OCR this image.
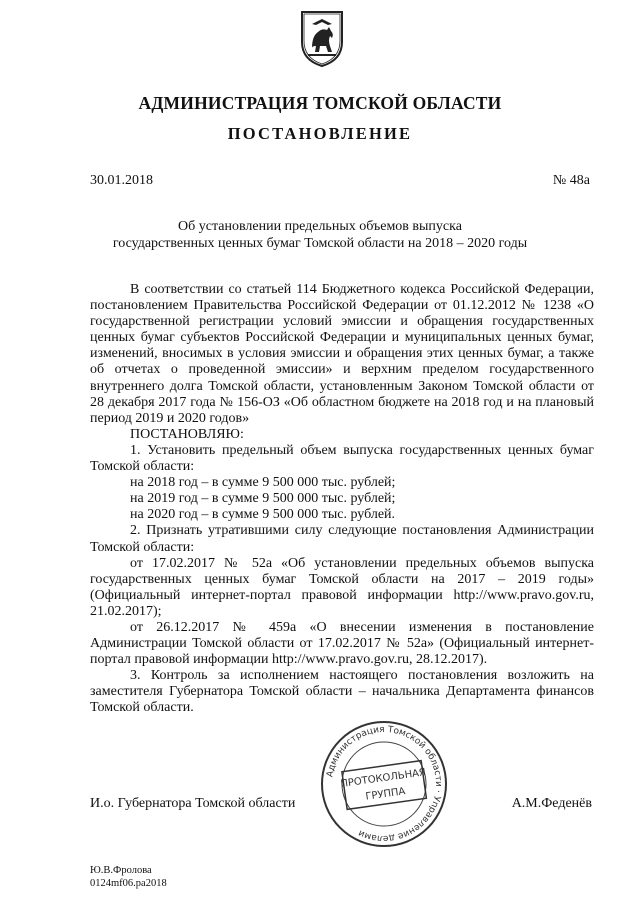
АДМИНИСТРАЦИЯ ТОМСКОЙ ОБЛАСТИ
ПОСТАНОВЛЕНИЕ
30.01.2018	№ 48а
Об установлении предельных объемов выпуска
государственных ценных бумаг Томской области на 2018 – 2020 годы

В соответствии со статьей 114 Бюджетного кодекса Российской Федерации, постановлением Правительства Российской Федерации от 01.12.2012 № 1238 «О государственной регистрации условий эмиссии и обращения государственных ценных бумаг субъектов Российской Федерации и муниципальных ценных бумаг, изменений, вносимых в условия эмиссии и обращения этих ценных бумаг, а также об отчетах о проведенной эмиссии» и верхним пределом государственного внутреннего долга Томской области, установленным Законом Томской области от 28 декабря 2017 года № 156-ОЗ «Об областном бюджете на 2018 год и на плановый период 2019 и 2020 годов»

ПОСТАНОВЛЯЮ:

1. Установить предельный объем выпуска государственных ценных бумаг Томской области:

на 2018 год – в сумме 9 500 000 тыс. рублей;

на 2019 год – в сумме 9 500 000 тыс. рублей;

на 2020 год – в сумме 9 500 000 тыс. рублей.

2. Признать утратившими силу следующие постановления Администрации Томской области:

от 17.02.2017 № 52а «Об установлении предельных объемов выпуска государственных ценных бумаг Томской области на 2017 – 2019 годы» (Официальный интернет-портал правовой информации http://www.pravo.gov.ru, 21.02.2017);

от 26.12.2017 № 459а «О внесении изменения в постановление Администрации Томской области от 17.02.2017 № 52а» (Официальный интернет-портал правовой информации http://www.pravo.gov.ru, 28.12.2017).

3. Контроль за исполнением настоящего постановления возложить на заместителя Губернатора Томской области – начальника Департамента финансов Томской области.

Администрация Томской области · Управление делами
ПРОТОКОЛЬНАЯ
ГРУППА
И.о. Губернатора Томской области	А.М.Феденёв
Ю.В.Фролова
0124mf06.pa2018
